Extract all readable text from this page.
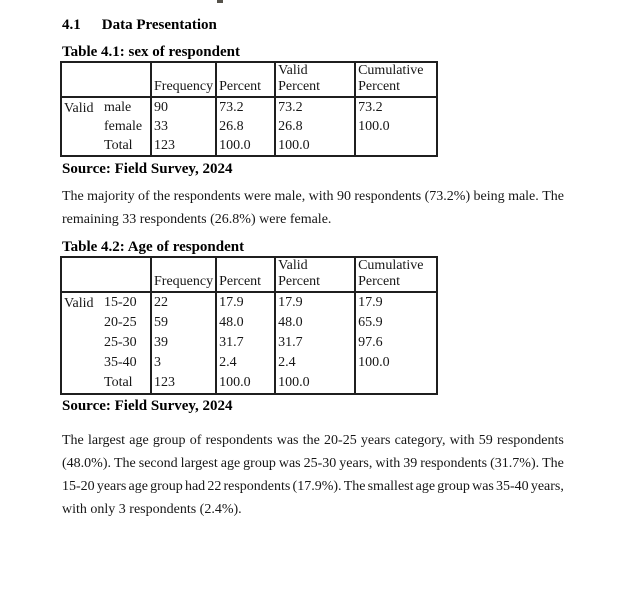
4.1 Data Presentation
Table 4.1: sex of respondent
		Frequency	Percent	Valid Percent	Cumulative Percent
Valid	male	90	73.2	73.2	73.2
	female	33	26.8	26.8	100.0
	Total	123	100.0	100.0	
Source: Field Survey, 2024
The majority of the respondents were male, with 90 respondents (73.2%) being male. The
remaining 33 respondents (26.8%) were female.
Table 4.2: Age of respondent
		Frequency	Percent	Valid Percent	Cumulative Percent
Valid	15-20	22	17.9	17.9	17.9
	20-25	59	48.0	48.0	65.9
	25-30	39	31.7	31.7	97.6
	35-40	3	2.4	2.4	100.0
	Total	123	100.0	100.0	
Source: Field Survey, 2024
The largest age group of respondents was the 20-25 years category, with 59 respondents
(48.0%). The second largest age group was 25-30 years, with 39 respondents (31.7%). The
15-20 years age group had 22 respondents (17.9%). The smallest age group was 35-40 years,
with only 3 respondents (2.4%).
